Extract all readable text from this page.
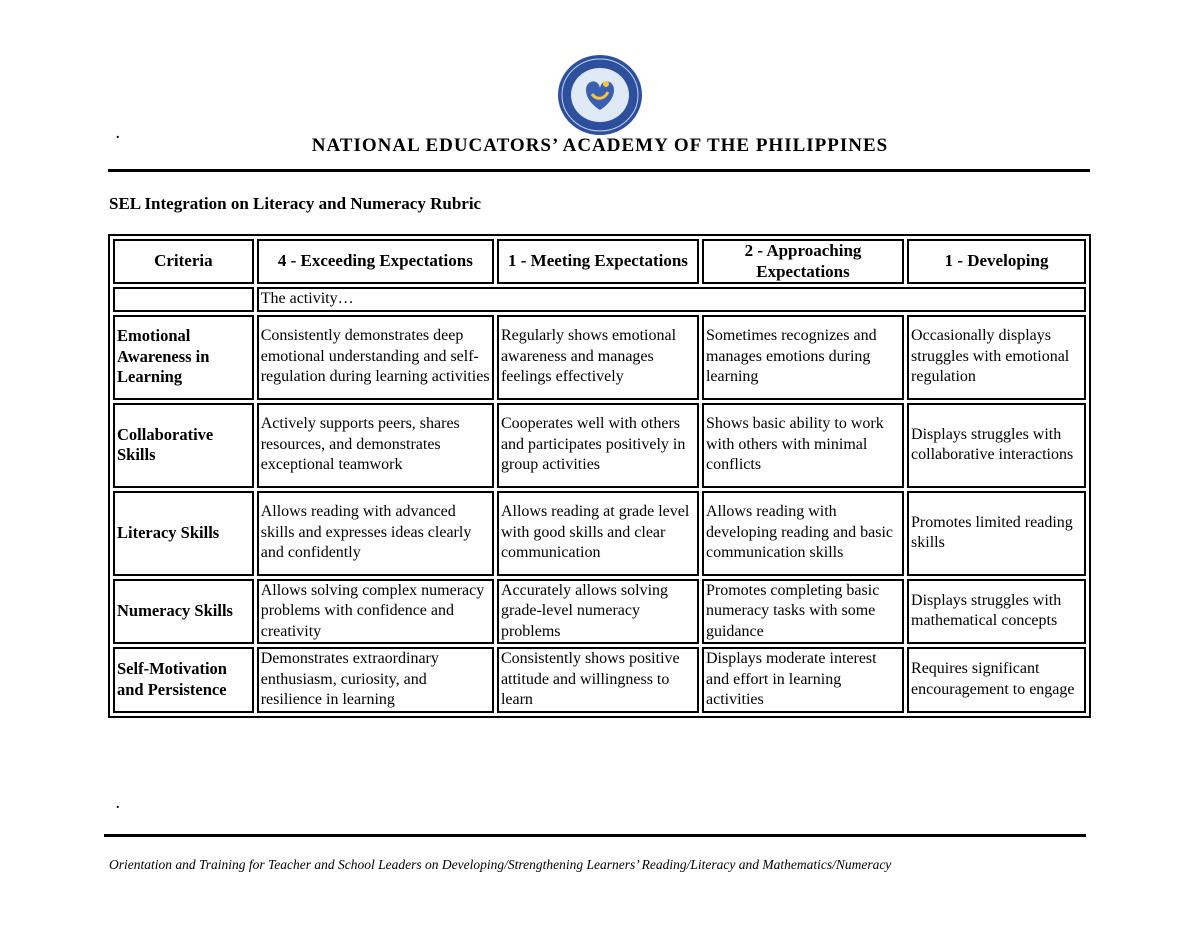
.
NATIONAL EDUCATORS’ ACADEMY OF THE PHILIPPINES
SEL Integration on Literacy and Numeracy Rubric
Criteria	4 - Exceeding Expectations	1 - Meeting Expectations	2 - Approaching Expectations	1 - Developing
	The activity…			
Emotional Awareness in Learning	Consistently demonstrates deep emotional understanding and self-regulation during learning activities	Regularly shows emotional awareness and manages feelings effectively	Sometimes recognizes and manages emotions during learning	Occasionally displays struggles with emotional regulation
Collaborative Skills	Actively supports peers, shares resources, and demonstrates exceptional teamwork	Cooperates well with others and participates positively in group activities	Shows basic ability to work with others with minimal conflicts	Displays struggles with collaborative interactions
Literacy Skills	Allows reading with advanced skills and expresses ideas clearly and confidently	Allows reading at grade level with good skills and clear communication	Allows reading with developing reading and basic communication skills	Promotes limited reading skills
Numeracy Skills	Allows solving complex numeracy problems with confidence and creativity	Accurately allows solving grade-level numeracy problems	Promotes completing basic numeracy tasks with some guidance	Displays struggles with mathematical concepts
Self-Motivation and Persistence	Demonstrates extraordinary enthusiasm, curiosity, and resilience in learning	Consistently shows positive attitude and willingness to learn	Displays moderate interest and effort in learning activities	Requires significant encouragement to engage
.
Orientation and Training for Teacher and School Leaders on Developing/Strengthening Learners’ Reading/Literacy and Mathematics/Numeracy
